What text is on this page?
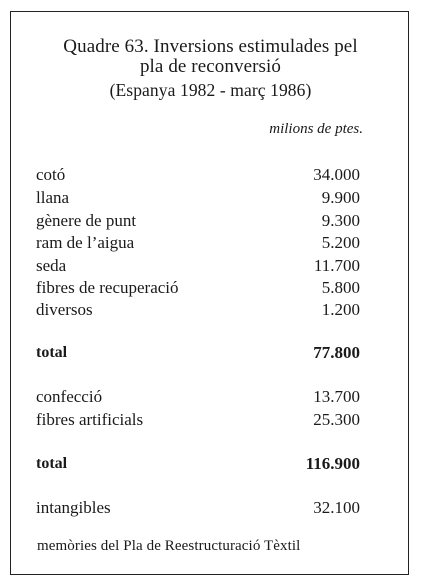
Quadre 63. Inversions estimulades pel
pla de reconversió
(Espanya 1982 - març 1986)
milions de ptes.
cotó	34.000
llana	9.900
gènere de punt	9.300
ram de l’aigua	5.200
seda	11.700
fibres de recuperació	5.800
diversos	1.200
total	77.800
confecció	13.700
fibres artificials	25.300
total	116.900
intangibles	32.100
memòries del Pla de Reestructuració Tèxtil
